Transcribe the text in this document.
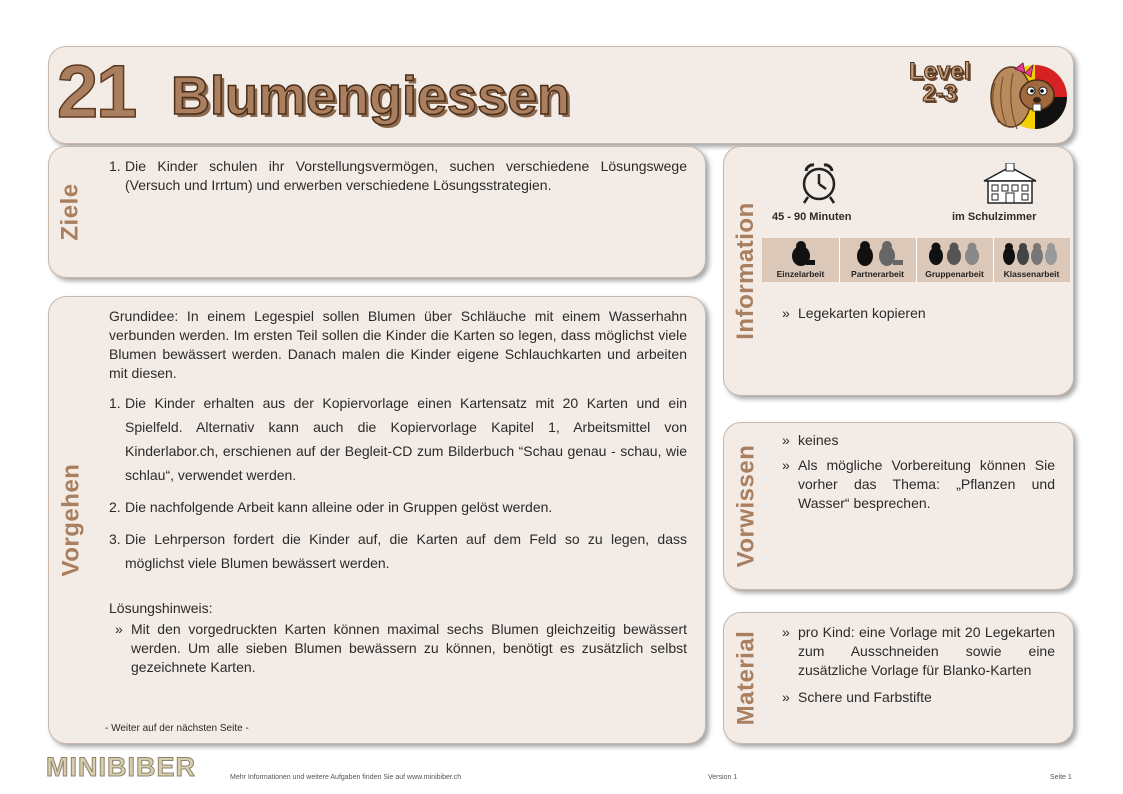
21 Blumengiessen	Level
2-3
Ziele
1. Die Kinder schulen ihr Vorstellungsvermögen, suchen verschiedene Lösungswege (Versuch und Irrtum) und erwerben verschiedene Lösungsstrategien.
Vorgehen

Grundidee: In einem Legespiel sollen Blumen über Schläuche mit einem Wasserhahn verbunden werden. Im ersten Teil sollen die Kinder die Karten so legen, dass möglichst viele Blumen bewässert werden. Danach malen die Kinder eigene Schlauchkarten und arbeiten mit diesen.

1. Die Kinder erhalten aus der Kopiervorlage einen Kartensatz mit 20 Karten und ein Spielfeld. Alternativ kann auch die Kopiervorlage Kapitel 1, Arbeitsmittel von Kinderlabor.ch, erschienen auf der Begleit-CD zum Bilderbuch “Schau genau - schau, wie schlau“, verwendet werden.
2. Die nachfolgende Arbeit kann alleine oder in Gruppen gelöst werden.
3. Die Lehrperson fordert die Kinder auf, die Karten auf dem Feld so zu legen, dass möglichst viele Blumen bewässert werden.
Lösungshinweis:
» Mit den vorgedruckten Karten können maximal sechs Blumen gleichzeitig bewässert werden. Um alle sieben Blumen bewässern zu können, benötigt es zusätzlich selbst gezeichnete Karten.
- Weiter auf der nächsten Seite -
Information 45 - 90 Minuten	im Schulzimmer
» Legekarten kopieren
Einzelarbeit	Partnerarbeit	Gruppenarbeit	Klassenarbeit
Vorwissen
» keines
» Als mögliche Vorbereitung können Sie vorher das Thema: „Pflanzen und Wasser“ besprechen.
Material » pro Kind: eine Vorlage mit 20 Legekarten zum Ausschneiden sowie eine zusätzliche Vorlage für Blanko-Karten
» Schere und Farbstifte
MINIBIBER	Mehr Informationen und weitere Aufgaben finden Sie auf www.minibiber.ch	Version 1	Seite 1
